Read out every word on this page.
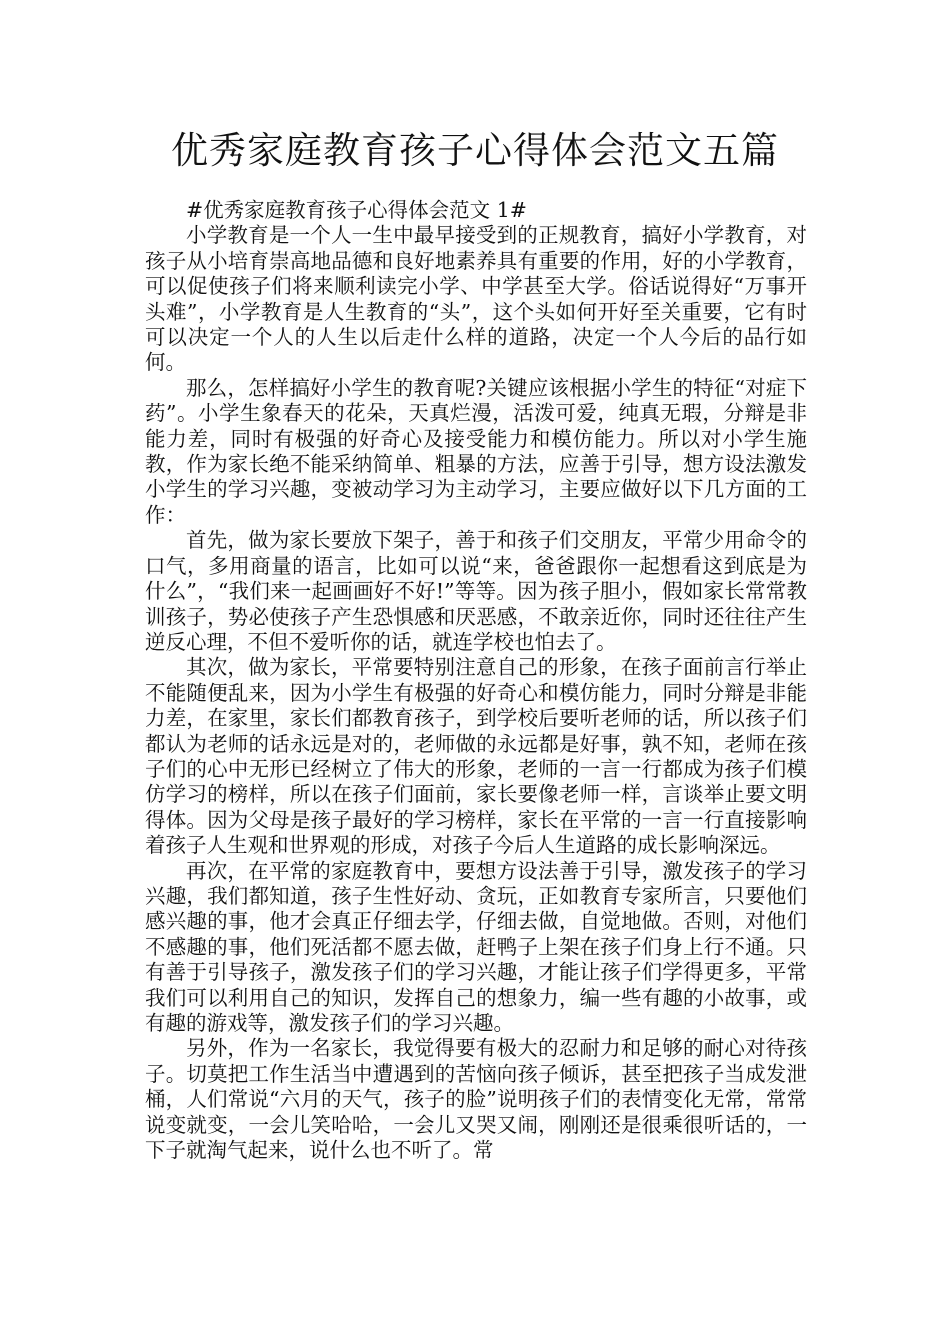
优秀家庭教育孩子心得体会范文五篇

#优秀家庭教育孩子心得体会范文 1#

小学教育是一个人一生中最早接受到的正规教育，搞好小学教育，对孩子从小培育崇高地品德和良好地素养具有重要的作用，好的小学教育，可以促使孩子们将来顺利读完小学、中学甚至大学。俗话说得好“万事开头难”，小学教育是人生教育的“头”，这个头如何开好至关重要，它有时可以决定一个人的人生以后走什么样的道路，决定一个人今后的品行如何。

那么，怎样搞好小学生的教育呢?关键应该根据小学生的特征“对症下药”。小学生象春天的花朵，天真烂漫，活泼可爱，纯真无瑕，分辩是非能力差，同时有极强的好奇心及接受能力和模仿能力。所以对小学生施教，作为家长绝不能采纳简单、粗暴的方法，应善于引导，想方设法激发小学生的学习兴趣，变被动学习为主动学习，主要应做好以下几方面的工作：

首先，做为家长要放下架子，善于和孩子们交朋友，平常少用命令的口气，多用商量的语言，比如可以说“来，爸爸跟你一起想看这到底是为什么”，“我们来一起画画好不好!”等等。因为孩子胆小，假如家长常常教训孩子，势必使孩子产生恐惧感和厌恶感，不敢亲近你，同时还往往产生逆反心理，不但不爱听你的话，就连学校也怕去了。

其次，做为家长，平常要特别注意自己的形象，在孩子面前言行举止不能随便乱来，因为小学生有极强的好奇心和模仿能力，同时分辩是非能力差，在家里，家长们都教育孩子，到学校后要听老师的话，所以孩子们都认为老师的话永远是对的，老师做的永远都是好事，孰不知，老师在孩子们的心中无形已经树立了伟大的形象，老师的一言一行都成为孩子们模仿学习的榜样，所以在孩子们面前，家长要像老师一样，言谈举止要文明得体。因为父母是孩子最好的学习榜样，家长在平常的一言一行直接影响着孩子人生观和世界观的形成，对孩子今后人生道路的成长影响深远。

再次，在平常的家庭教育中，要想方设法善于引导，激发孩子的学习兴趣，我们都知道，孩子生性好动、贪玩，正如教育专家所言，只要他们感兴趣的事，他才会真正仔细去学，仔细去做，自觉地做。否则，对他们不感趣的事，他们死活都不愿去做，赶鸭子上架在孩子们身上行不通。只有善于引导孩子，激发孩子们的学习兴趣，才能让孩子们学得更多，平常我们可以利用自己的知识，发挥自己的想象力，编一些有趣的小故事，或有趣的游戏等，激发孩子们的学习兴趣。

另外，作为一名家长，我觉得要有极大的忍耐力和足够的耐心对待孩子。切莫把工作生活当中遭遇到的苦恼向孩子倾诉，甚至把孩子当成发泄桶，人们常说“六月的天气，孩子的脸”说明孩子们的表情变化无常，常常说变就变，一会儿笑哈哈，一会儿又哭又闹，刚刚还是很乘很听话的，一下子就淘气起来，说什么也不听了。常
